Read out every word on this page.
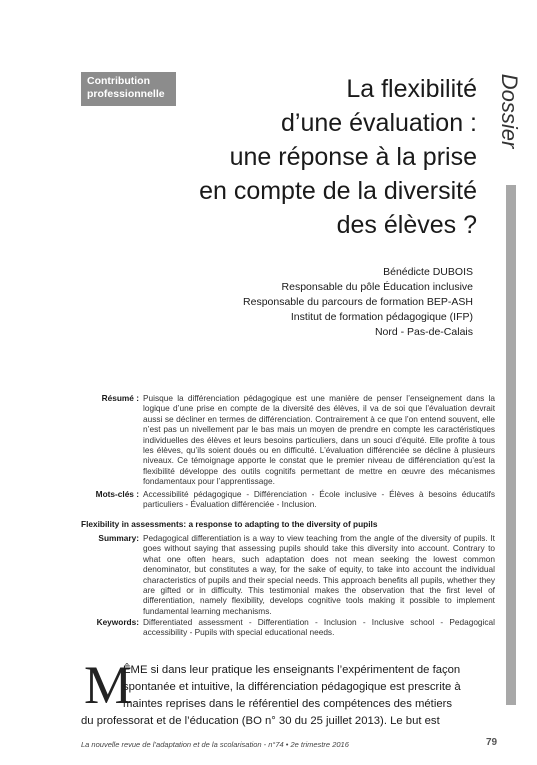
Contribution
professionnelle	La flexibilité
d’une évaluation :
une réponse à la prise
en compte de la diversité
des élèves ?
Dossier
Bénédicte DUBOIS
Responsable du pôle Éducation inclusive
Responsable du parcours de formation BEP-ASH
Institut de formation pédagogique (IFP)
Nord - Pas-de-Calais
Résumé : Puisque la différenciation pédagogique est une manière de penser l’enseignement dans la logique d’une prise en compte de la diversité des élèves, il va de soi que l’évaluation devrait aussi se décliner en termes de différenciation. Contrairement à ce que l’on entend souvent, elle n’est pas un nivellement par le bas mais un moyen de prendre en compte les caractéristiques individuelles des élèves et leurs besoins particuliers, dans un souci d’équité. Elle profite à tous les élèves, qu’ils soient doués ou en difficulté. L’évaluation différenciée se décline à plusieurs niveaux. Ce témoignage apporte le constat que le premier niveau de différenciation qu’est la flexibilité développe des outils cognitifs permettant de mettre en œuvre des mécanismes fondamentaux pour l’apprentissage.
Mots-clés : Accessibilité pédagogique - Différenciation - École inclusive - Élèves à besoins éducatifs particuliers - Évaluation différenciée - Inclusion.
Flexibility in assessments: a response to adapting to the diversity of pupils
Summary: Pedagogical differentiation is a way to view teaching from the angle of the diversity of pupils. It goes without saying that assessing pupils should take this diversity into account. Contrary to what one often hears, such adaptation does not mean seeking the lowest common denominator, but constitutes a way, for the sake of equity, to take into account the individual characteristics of pupils and their special needs. This approach benefits all pupils, whether they are gifted or in difficulty. This testimonial makes the observation that the first level of differentiation, namely flexibility, develops cognitive tools making it possible to implement fundamental learning mechanisms.
Keywords: Differentiated assessment - Differentiation - Inclusion - Inclusive school - Pedagogical accessibility - Pupils with special educational needs.
M
ÊME si dans leur pratique les enseignants l’expérimentent de façon
spontanée et intuitive, la différenciation pédagogique est prescrite à
maintes reprises dans le référentiel des compétences des métiers
du professorat et de l’éducation (BO n° 30 du 25 juillet 2013). Le but est
La nouvelle revue de l’adaptation et de la scolarisation - n°74 • 2e trimestre 2016	79
